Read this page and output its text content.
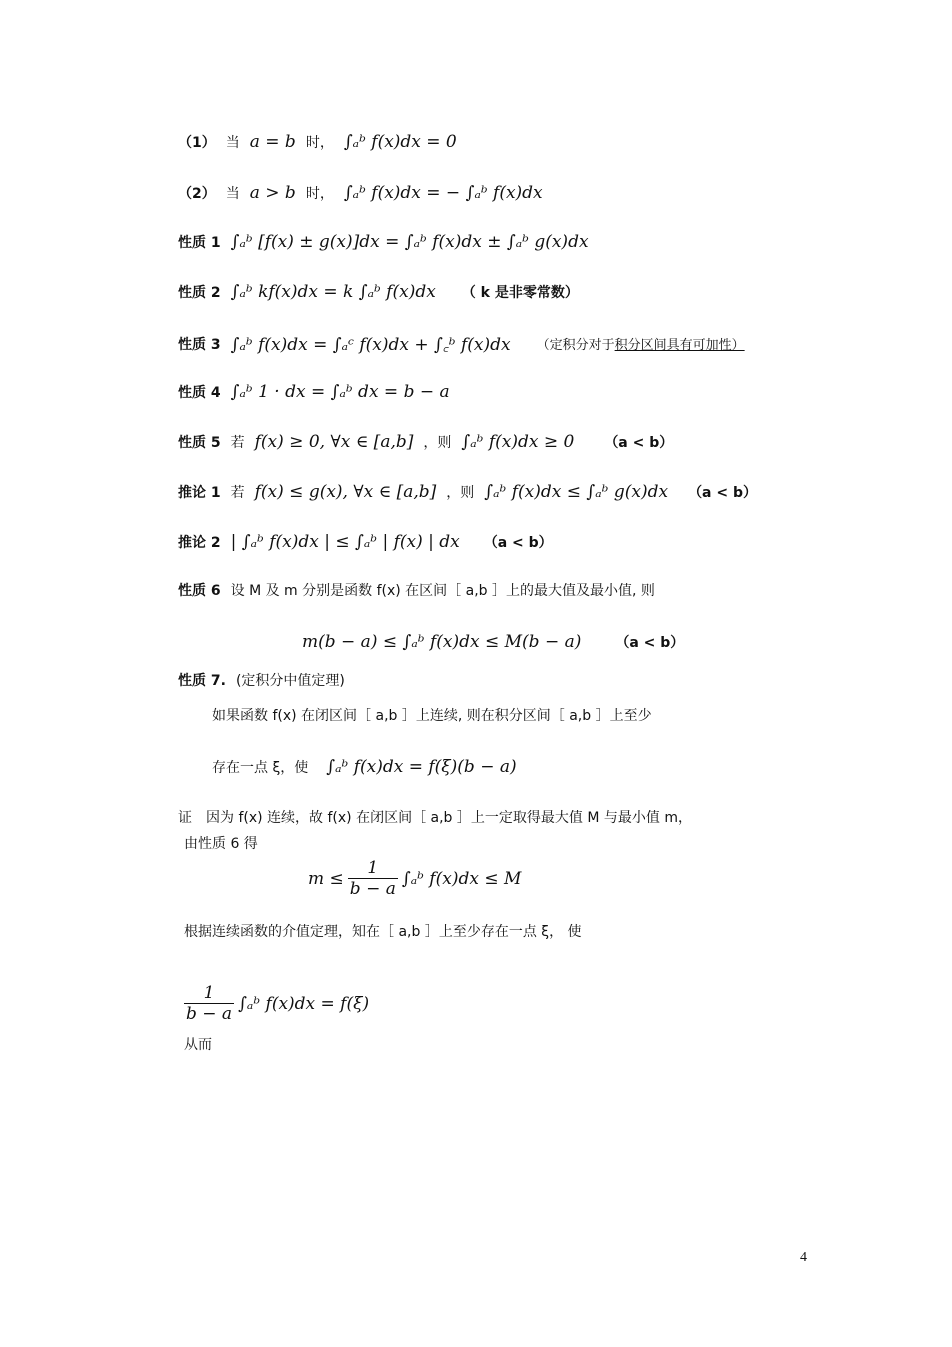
（1） 当 a = b 时， ∫ₐᵇ f(x)dx = 0
（2） 当 a > b 时， ∫ₐᵇ f(x)dx = − ∫ₐᵇ f(x)dx
性质 1 ∫ₐᵇ [f(x) ± g(x)]dx = ∫ₐᵇ f(x)dx ± ∫ₐᵇ g(x)dx
性质 2 ∫ₐᵇ kf(x)dx = k ∫ₐᵇ f(x)dx （ k 是非零常数）
性质 3 ∫ₐᵇ f(x)dx = ∫ₐᶜ f(x)dx + ∫꜀ᵇ f(x)dx （定积分对于积分区间具有可加性）
性质 4 ∫ₐᵇ 1 · dx = ∫ₐᵇ dx = b − a
性质 5 若 f(x) ≥ 0, ∀x ∈ [a,b] ，则 ∫ₐᵇ f(x)dx ≥ 0 （a < b）
推论 1 若 f(x) ≤ g(x), ∀x ∈ [a,b] ，则 ∫ₐᵇ f(x)dx ≤ ∫ₐᵇ g(x)dx （a < b）
推论 2 | ∫ₐᵇ f(x)dx | ≤ ∫ₐᵇ | f(x) | dx （a < b）
性质 6 设 M 及 m 分别是函数 f(x) 在区间［ a,b ］上的最大值及最小值, 则
m(b − a) ≤ ∫ₐᵇ f(x)dx ≤ M(b − a) （a < b）
性质 7. (定积分中值定理)
如果函数 f(x) 在闭区间［ a,b ］上连续, 则在积分区间［ a,b ］上至少
存在一点 ξ，使 ∫ₐᵇ f(x)dx = f(ξ)(b − a)
证　因为 f(x) 连续，故 f(x) 在闭区间［ a,b ］上一定取得最大值 M 与最小值 m，
由性质 6 得
$m \le \frac{1}{b - a}$ ∫ₐᵇ f(x)dx ≤ M
根据连续函数的介值定理，知在［ a,b ］上至少存在一点 ξ， 使
$\frac{1}{b - a}$ ∫ₐᵇ f(x)dx = f(ξ)
从而
4
